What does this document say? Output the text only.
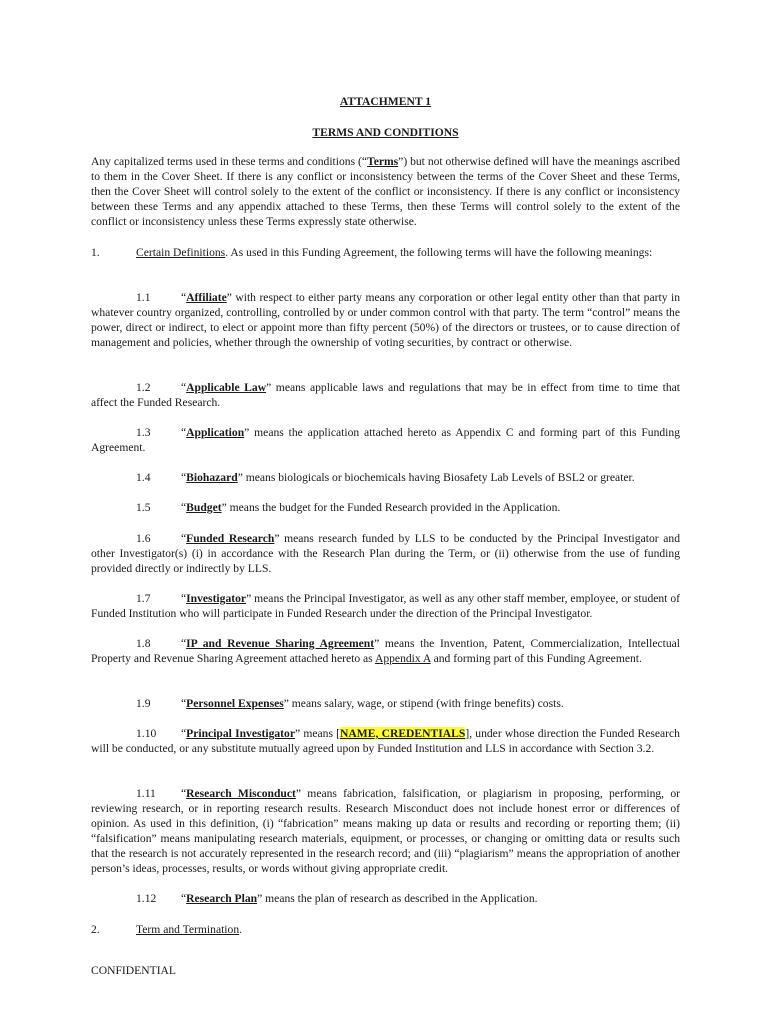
ATTACHMENT 1
TERMS AND CONDITIONS

Any capitalized terms used in these terms and conditions (“Terms”) but not otherwise defined will have the meanings ascribed to them in the Cover Sheet. If there is any conflict or inconsistency between the terms of the Cover Sheet and these Terms, then the Cover Sheet will control solely to the extent of the conflict or inconsistency. If there is any conflict or inconsistency between these Terms and any appendix attached to these Terms, then these Terms will control solely to the extent of the conflict or inconsistency unless these Terms expressly state otherwise.

1.	Certain Definitions. As used in this Funding Agreement, the following terms will have the following meanings:

1.1	“Affiliate” with respect to either party means any corporation or other legal entity other than that party in whatever country organized, controlling, controlled by or under common control with that party. The term “control” means the power, direct or indirect, to elect or appoint more than fifty percent (50%) of the directors or trustees, or to cause direction of management and policies, whether through the ownership of voting securities, by contract or otherwise.

1.2	“Applicable Law” means applicable laws and regulations that may be in effect from time to time that affect the Funded Research.

1.3	“Application” means the application attached hereto as Appendix C and forming part of this Funding Agreement.

1.4	“Biohazard” means biologicals or biochemicals having Biosafety Lab Levels of BSL2 or greater.

1.5	“Budget” means the budget for the Funded Research provided in the Application.

1.6	“Funded Research” means research funded by LLS to be conducted by the Principal Investigator and other Investigator(s) (i) in accordance with the Research Plan during the Term, or (ii) otherwise from the use of funding provided directly or indirectly by LLS.

1.7	“Investigator” means the Principal Investigator, as well as any other staff member, employee, or student of Funded Institution who will participate in Funded Research under the direction of the Principal Investigator.

1.8	“IP and Revenue Sharing Agreement” means the Invention, Patent, Commercialization, Intellectual Property and Revenue Sharing Agreement attached hereto as Appendix A and forming part of this Funding Agreement.

1.9	“Personnel Expenses” means salary, wage, or stipend (with fringe benefits) costs.

1.10 “Principal Investigator” means [NAME, CREDENTIALS], under whose direction the Funded Research will be conducted, or any substitute mutually agreed upon by Funded Institution and LLS in accordance with Section 3.2.

1.11 “Research Misconduct” means fabrication, falsification, or plagiarism in proposing, performing, or reviewing research, or in reporting research results. Research Misconduct does not include honest error or differences of opinion. As used in this definition, (i) “fabrication” means making up data or results and recording or reporting them; (ii) “falsification” means manipulating research materials, equipment, or processes, or changing or omitting data or results such that the research is not accurately represented in the research record; and (iii) “plagiarism” means the appropriation of another person’s ideas, processes, results, or words without giving appropriate credit.

1.12 “Research Plan” means the plan of research as described in the Application.

2.	Term and Termination.

CONFIDENTIAL
